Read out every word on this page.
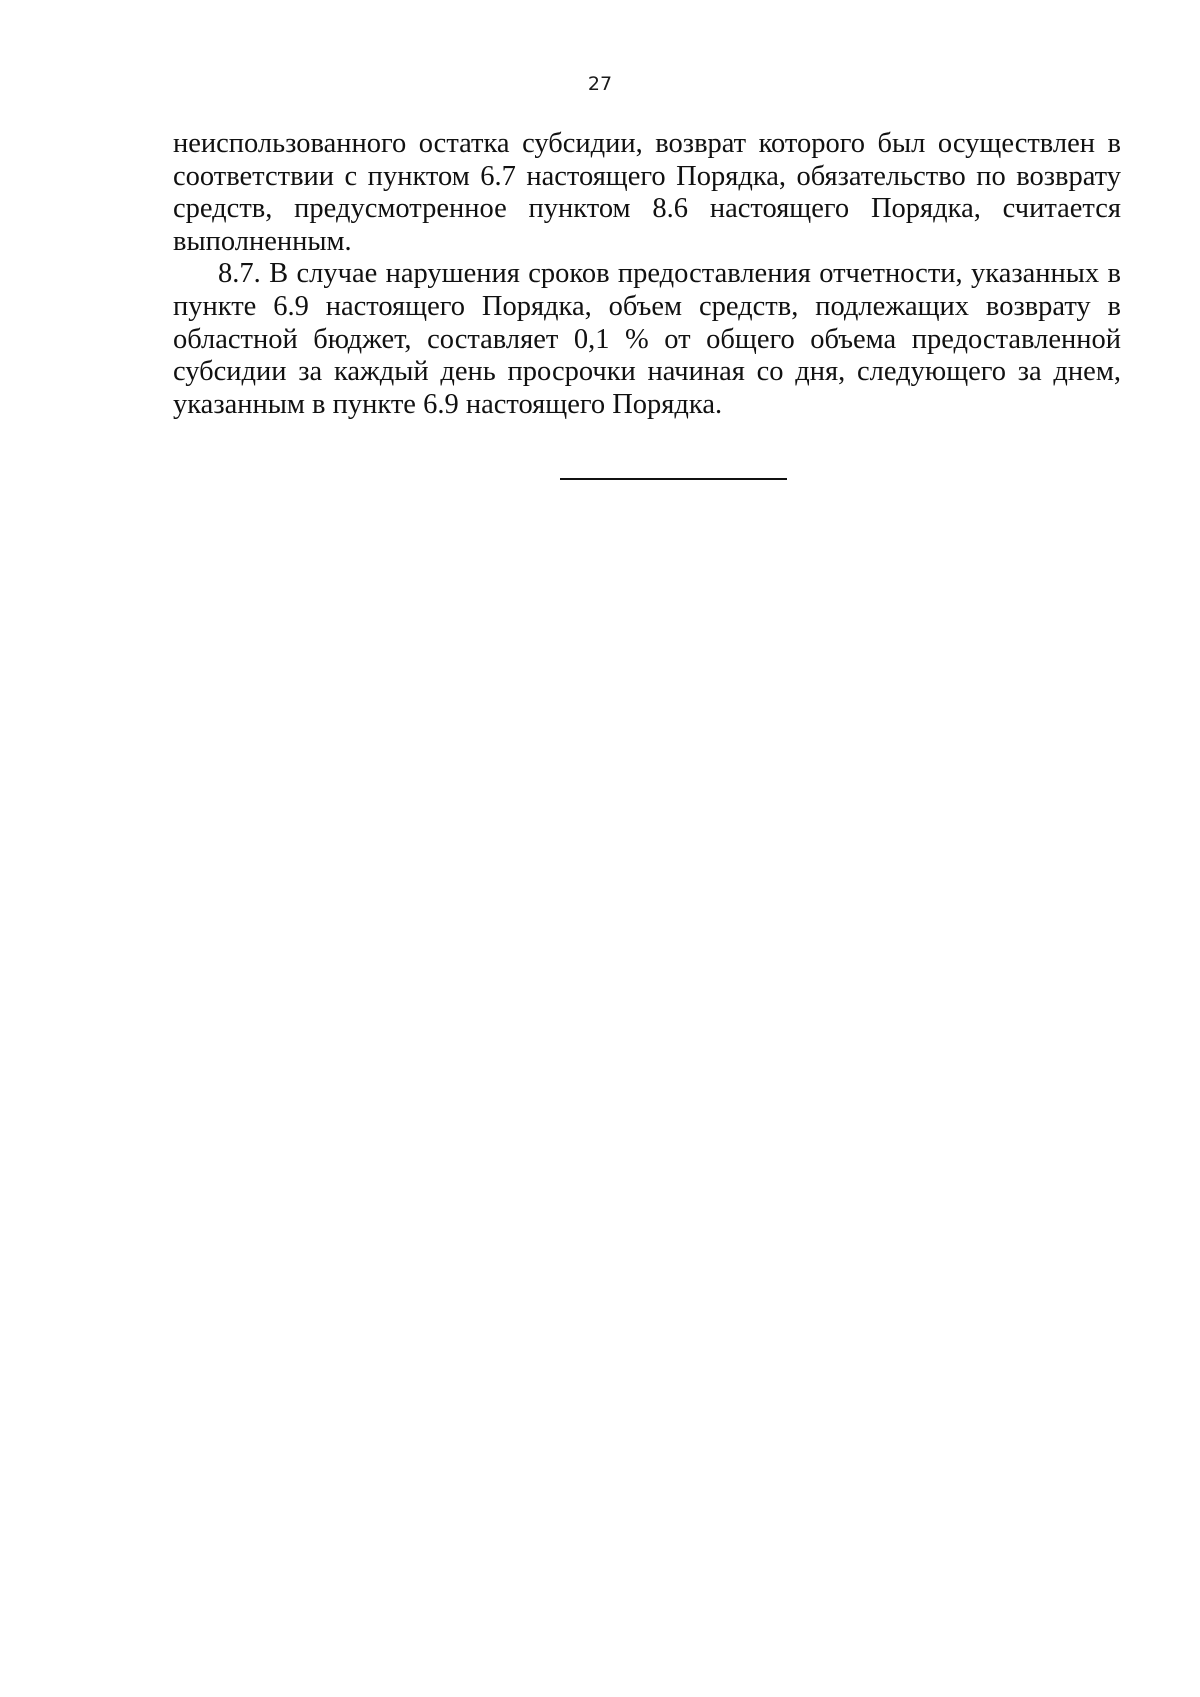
27

неиспользованного остатка субсидии, возврат которого был осуществлен в соответствии с пунктом 6.7 настоящего Порядка, обязательство по возврату средств, предусмотренное пунктом 8.6 настоящего Порядка, считается выполненным.

8.7. В случае нарушения сроков предоставления отчетности, указанных в пункте 6.9 настоящего Порядка, объем средств, подлежащих возврату в областной бюджет, составляет 0,1 % от общего объема предоставленной субсидии за каждый день просрочки начиная со дня, следующего за днем, указанным в пункте 6.9 настоящего Порядка.
